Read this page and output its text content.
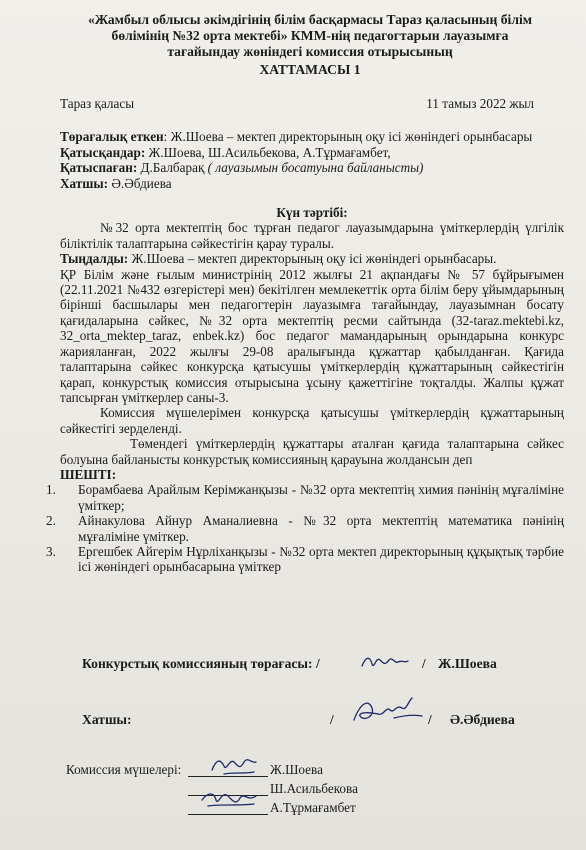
«Жамбыл облысы әкімдігінің білім басқармасы Тараз қаласының білім
бөлімінің №32 орта мектебі» КММ-нің педагогтарын лауазымға
тағайындау жөніндегі комиссия отырысының
ХАТТАМАСЫ 1
Тараз қаласы	11 тамыз 2022 жыл

Төрағалық еткен: Ж.Шоева – мектеп директорының оқу ісі жөніндегі орынбасары

Қатысқандар: Ж.Шоева, Ш.Асильбекова, А.Тұрмағамбет,

Қатыспаған: Д.Балбарақ ( лауазымын босатуына байланысты)

Хатшы: Ә.Әбдиева

Күн тәртібі:

№32 орта мектептің бос тұрған педагог лауазымдарына үміткерлердің үлгілік біліктілік талаптарына сәйкестігін қарау туралы.

Тыңдалды: Ж.Шоева – мектеп директорының оқу ісі жөніндегі орынбасары.

ҚР Білім және ғылым министрінің 2012 жылғы 21 ақпандағы № 57 бұйрығымен (22.11.2021 №432 өзгерістері мен) бекітілген мемлекеттік орта білім беру ұйымдарының бірінші басшылары мен педагогтерін лауазымға тағайындау, лауазымнан босату қағидаларына сәйкес, №32 орта мектептің ресми сайтында (32-taraz.mektebi.kz, 32_orta_mektep_taraz, enbek.kz) бос педагог мамандарының орындарына конкурс жарияланған, 2022 жылғы 29-08 аралығында құжаттар қабылданған. Қағида талаптарына сәйкес конкурсқа қатысушы үміткерлердің құжаттарының сәйкестігін қарап, конкурстық комиссия отырысына ұсыну қажеттігіне тоқталды. Жалпы құжат тапсырған үміткерлер саны-3.

Комиссия мүшелерімен конкурсқа қатысушы үміткерлердің құжаттарының сәйкестігі зерделенді.

Төмендегі үміткерлердің құжаттары аталған қағида талаптарына сәйкес болуына байланысты конкурстық комиссияның қарауына жолдансын деп

ШЕШТІ:
1. Борамбаева Арайлым Керімжанқызы - №32 орта мектептің химия пәнінің мұғаліміне үміткер;
2. Айнакулова Айнур Аманалиевна - №32 орта мектептің математика пәнінің мұғаліміне үміткер.
3. Ергешбек Айгерім Нұрліханқызы - №32 орта мектеп директорының құқықтық тәрбие ісі жөніндегі орынбасарына үміткер
Конкурстық комиссияның төрағасы: /	/ Ж.Шоева
Хатшы:	/	/ Ә.Әбдиева
Комиссия мүшелері:	Ж.Шоева
Ш.Асильбекова
А.Тұрмағамбет
